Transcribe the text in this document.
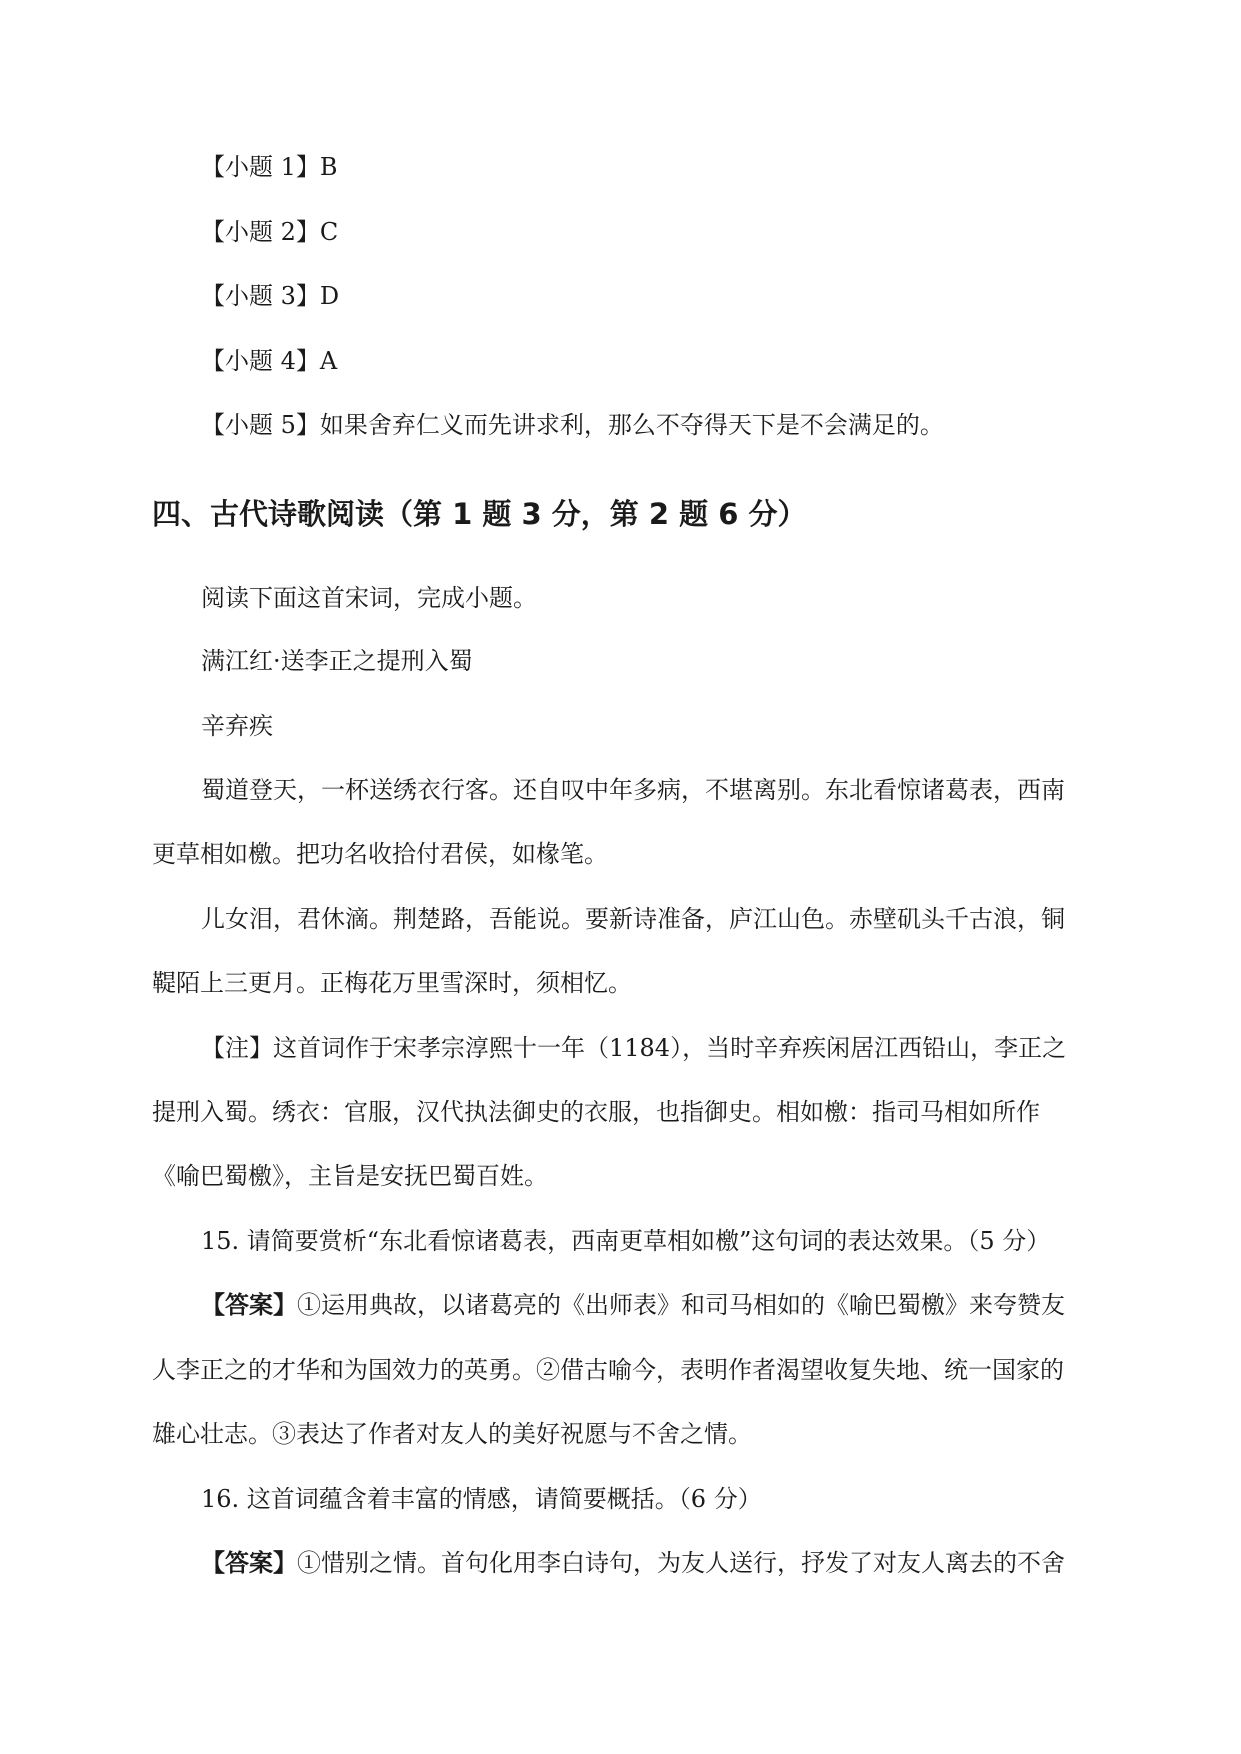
【小题 1】B
【小题 2】C
【小题 3】D
【小题 4】A
【小题 5】如果舍弃仁义而先讲求利，那么不夺得天下是不会满足的。
四、古代诗歌阅读（第 1 题 3 分，第 2 题 6 分）
阅读下面这首宋词，完成小题。
满江红·送李正之提刑入蜀
辛弃疾
蜀道登天，一杯送绣衣行客。还自叹中年多病，不堪离别。东北看惊诸葛表，西南
更草相如檄。把功名收拾付君侯，如椽笔。
儿女泪，君休滴。荆楚路，吾能说。要新诗准备，庐江山色。赤壁矶头千古浪，铜
鞮陌上三更月。正梅花万里雪深时，须相忆。
【注】这首词作于宋孝宗淳熙十一年（1184），当时辛弃疾闲居江西铅山，李正之
提刑入蜀。绣衣：官服，汉代执法御史的衣服，也指御史。相如檄：指司马相如所作
《喻巴蜀檄》，主旨是安抚巴蜀百姓。
15. 请简要赏析“东北看惊诸葛表，西南更草相如檄”这句词的表达效果。（5 分）
【答案】①运用典故，以诸葛亮的《出师表》和司马相如的《喻巴蜀檄》来夸赞友
人李正之的才华和为国效力的英勇。②借古喻今，表明作者渴望收复失地、统一国家的
雄心壮志。③表达了作者对友人的美好祝愿与不舍之情。
16. 这首词蕴含着丰富的情感，请简要概括。（6 分）
【答案】①惜别之情。首句化用李白诗句，为友人送行，抒发了对友人离去的不舍
